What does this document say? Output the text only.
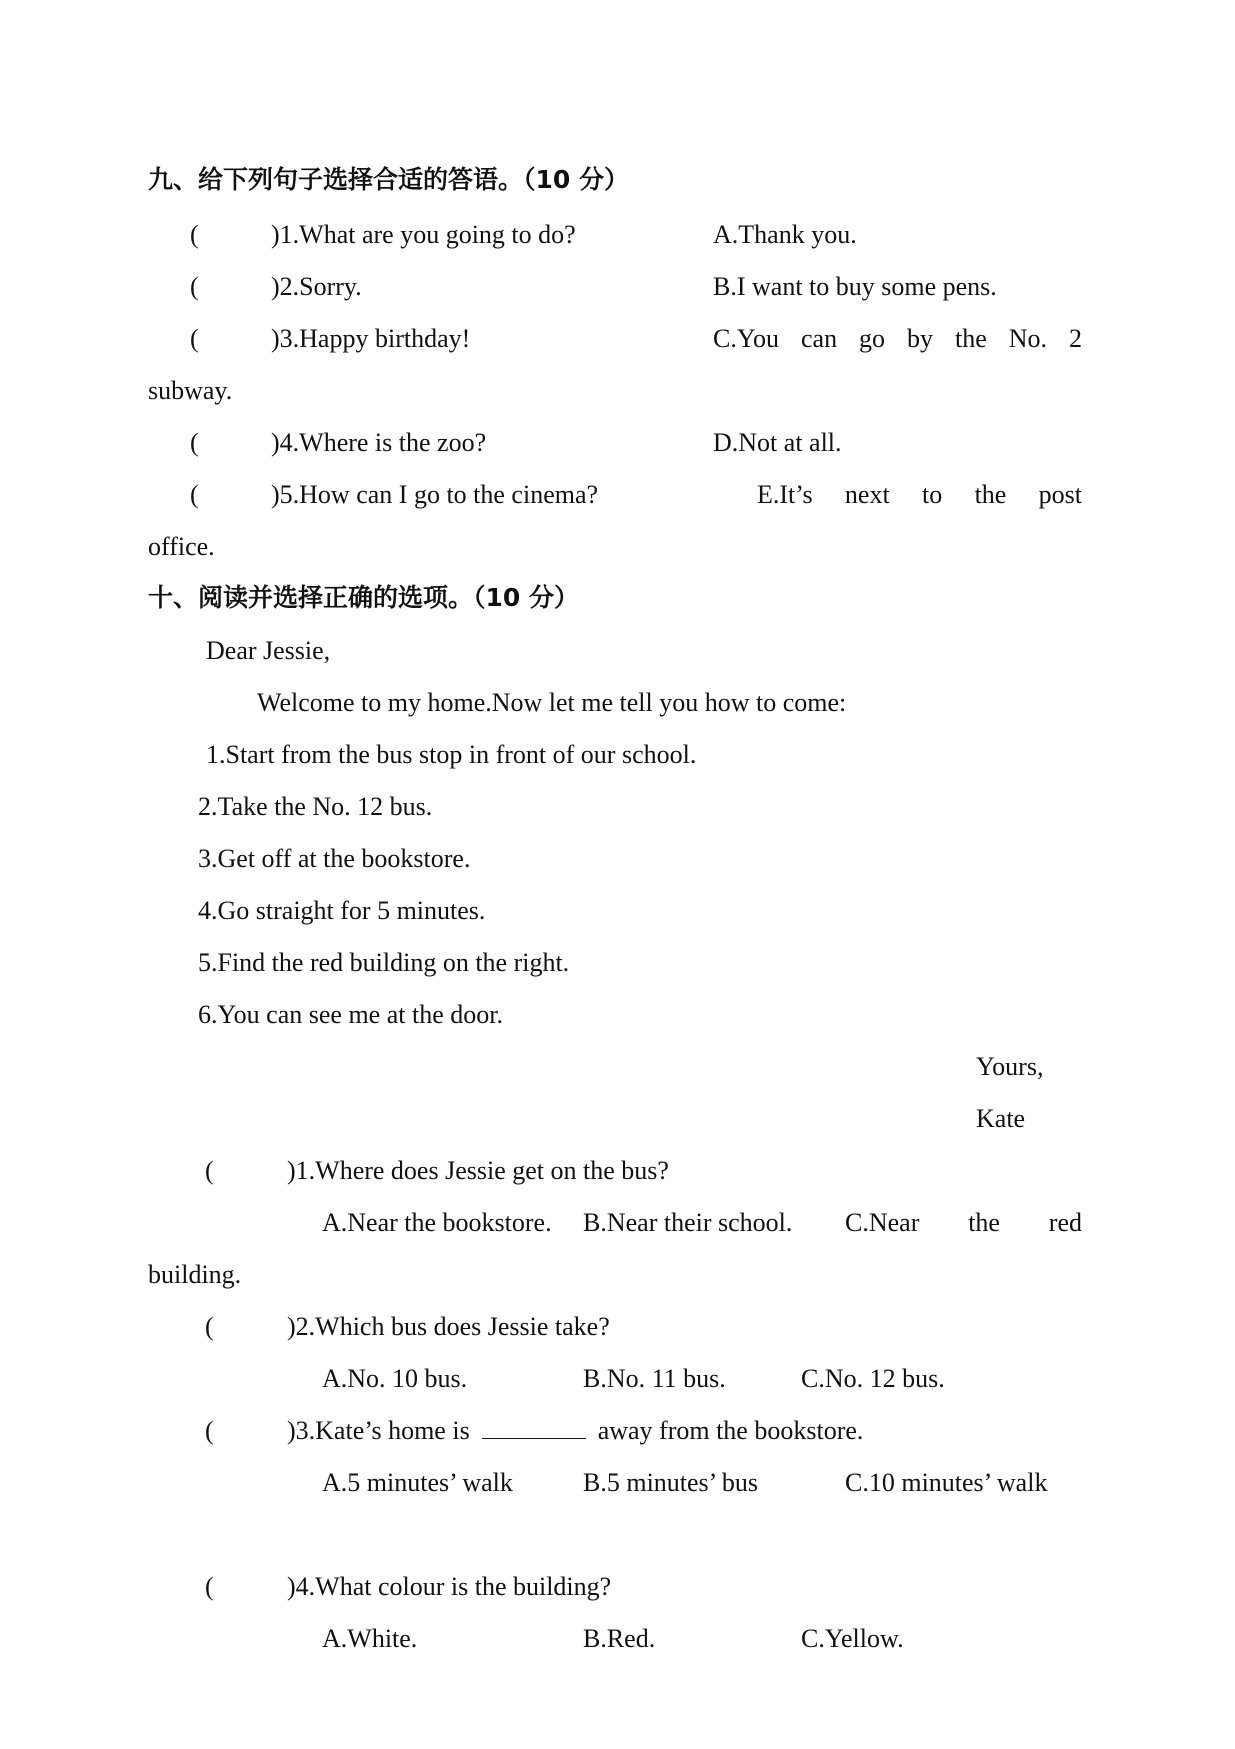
九、给下列句子选择合适的答语。（10 分）
(	)1.What are you going to do?	A.Thank you.
(	)2.Sorry.	B.I want to buy some pens.
(	)3.Happy birthday!	C.You can go by the No. 2
subway.
(	)4.Where is the zoo?	D.Not at all.
(	)5.How can I go to the cinema?	E.It’s next to the post
office.
十、阅读并选择正确的选项。（10 分）
Dear Jessie,
Welcome to my home.Now let me tell you how to come:
1.Start from the bus stop in front of our school.
2.Take the No. 12 bus.
3.Get off at the bookstore.
4.Go straight for 5 minutes.
5.Find the red building on the right.
6.You can see me at the door.
Yours,
Kate
(	)1.Where does Jessie get on the bus?
A.Near the bookstore. B.Near their school. C.Near the red
building.
(	)2.Which bus does Jessie take?
A.No. 10 bus.	B.No. 11 bus.	C.No. 12 bus.
(	)3.Kate’s home is	away from the bookstore.
A.5 minutes’ walk	B.5 minutes’ bus	C.10 minutes’ walk
(	)4.What colour is the building?
A.White.	B.Red.	C.Yellow.
